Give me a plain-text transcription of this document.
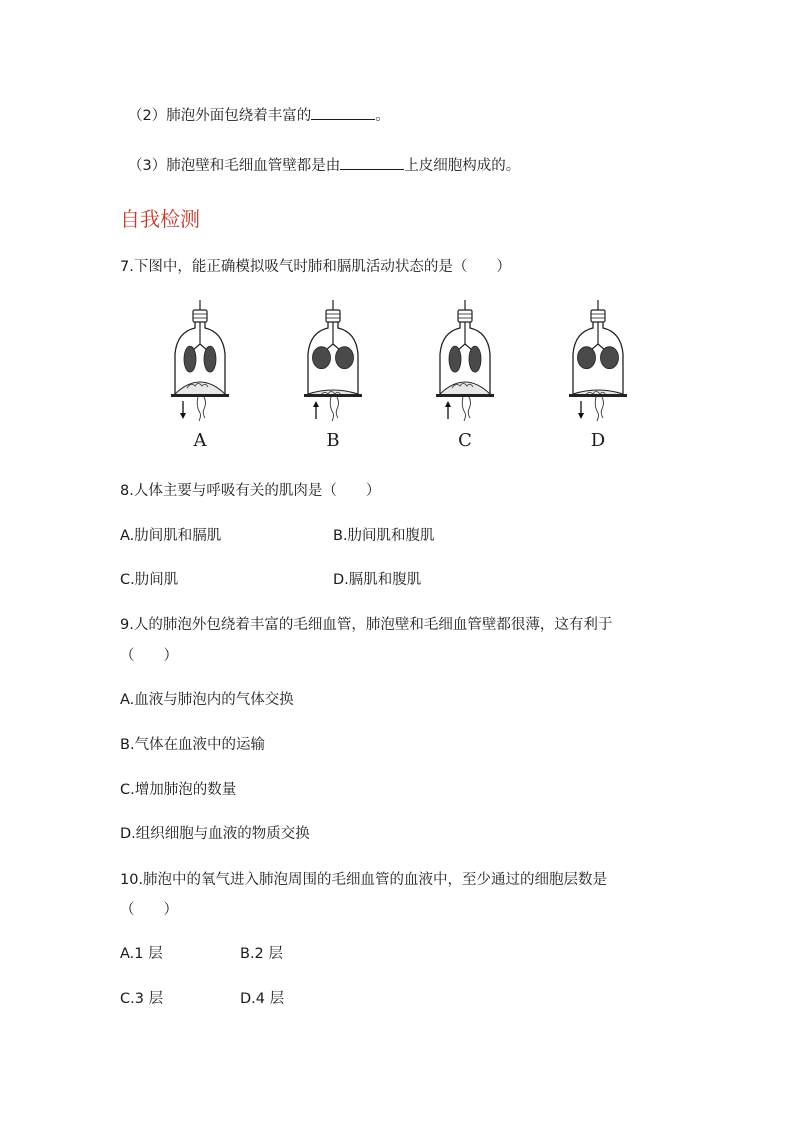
（2）肺泡外面包绕着丰富的	。
（3）肺泡壁和毛细血管壁都是由	上皮细胞构成的。
自我检测
7.下图中，能正确模拟吸气时肺和膈肌活动状态的是（　　）
A	B	C	D
8.人体主要与呼吸有关的肌肉是（　　）
A.肋间肌和膈肌	B.肋间肌和腹肌
C.肋间肌	D.膈肌和腹肌
9.人的肺泡外包绕着丰富的毛细血管，肺泡壁和毛细血管壁都很薄，这有利于
（　　）
A.血液与肺泡内的气体交换
B.气体在血液中的运输
C.增加肺泡的数量
D.组织细胞与血液的物质交换
10.肺泡中的氧气进入肺泡周围的毛细血管的血液中，至少通过的细胞层数是
（　　）
A.1 层	B.2 层
C.3 层	D.4 层
